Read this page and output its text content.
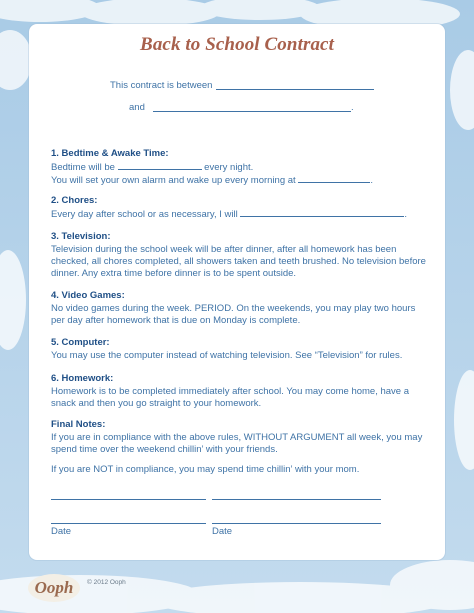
Back to School Contract
This contract is between
and	.
1. Bedtime & Awake Time:

Bedtime will be	every night.

You will set your own alarm and wake up every morning at	.

2. Chores:

Every day after school or as necessary, I will	.

3. Television:

Television during the school week will be after dinner, after all homework has been checked, all chores completed, all showers taken and teeth brushed. No television before dinner. Any extra time before dinner is to be spent outside.

4. Video Games:

No video games during the week. PERIOD. On the weekends, you may play two hours per day after homework that is due on Monday is complete.

5. Computer:

You may use the computer instead of watching television. See “Television” for rules.

6. Homework:

Homework is to be completed immediately after school. You may come home, have a snack and then you go straight to your homework.

Final Notes:

If you are in compliance with the above rules, WITHOUT ARGUMENT all week, you may spend time over the weekend chillin’ with your friends.

If you are NOT in compliance, you may spend time chillin’ with your mom.

Date	Date
Ooph © 2012 Ooph
